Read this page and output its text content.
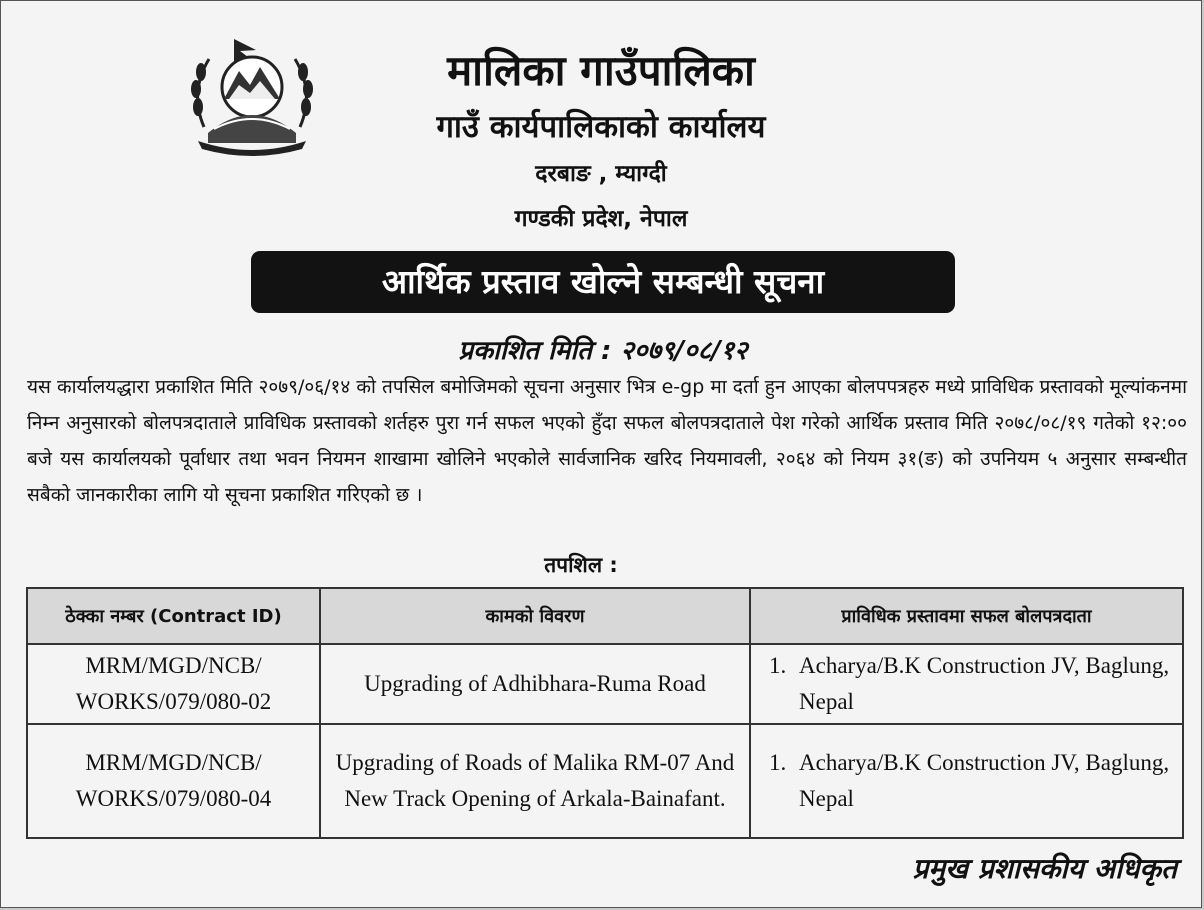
मालिका गाउँपालिका
गाउँ कार्यपालिकाको कार्यालय
दरबाङ , म्याग्दी
गण्डकी प्रदेश, नेपाल
आर्थिक प्रस्ताव खोल्ने सम्बन्धी सूचना
प्रकाशित मिति : २०७९/०८/१२

यस कार्यालयद्धारा प्रकाशित मिति २०७९/०६/१४ को तपसिल बमोजिमको सूचना अनुसार भित्र e-gp मा दर्ता हुन आएका बोलपपत्रहरु मध्ये प्राविधिक प्रस्तावको मूल्यांकनमा निम्न अनुसारको बोलपत्रदाताले प्राविधिक प्रस्तावको शर्तहरु पुरा गर्न सफल भएको हुँदा सफल बोलपत्रदाताले पेश गरेको आर्थिक प्रस्ताव मिति २०७८/०८/१९ गतेको १२:०० बजे यस कार्यालयको पूर्वाधार तथा भवन नियमन शाखामा खोलिने भएकोले सार्वजानिक खरिद नियमावली, २०६४ को नियम ३१(ङ) को उपनियम ५ अनुसार सम्बन्धीत सबैको जानकारीका लागि यो सूचना प्रकाशित गरिएको छ ।

तपशिल :
ठेक्का नम्बर (Contract ID)	कामको विवरण	प्राविधिक प्रस्तावमा सफल बोलपत्रदाता
MRM/MGD/NCB/ WORKS/079/080-02	Upgrading of Adhibhara-Ruma Road	1. Acharya/B.K Construction JV, Baglung, Nepal

MRM/MGD/NCB/ WORKS/079/080-04	Upgrading of Roads of Malika RM-07 And New Track Opening of Arkala-Bainafant.	1. Acharya/B.K Construction JV, Baglung, Nepal
प्रमुख प्रशासकीय अधिकृत
